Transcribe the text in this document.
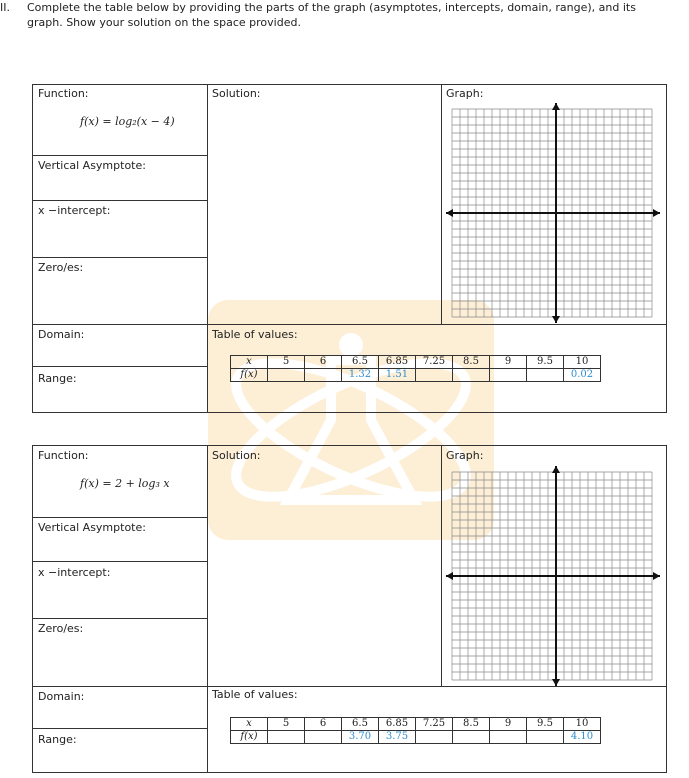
II. Complete the table below by providing the parts of the graph (asymptotes, intercepts, domain, range), and its graph. Show your solution on the space provided.
Function:
f(x) = log₂(x − 4)
Solution:	Graph:
Vertical Asymptote:
x −intercept:
Zero/es:
Domain:
Range:
Table of values:
x	5	6	6.5	6.85	7.25	8.5	9	9.5	10
f(x)			1.32	1.51					0.02
Function:
f(x) = 2 + log₃ x
Solution:	Graph:
Vertical Asymptote:
x −intercept:
Zero/es:
Domain:
Range:
Table of values:
x	5	6	6.5	6.85	7.25	8.5	9	9.5	10
f(x)			3.70	3.75					4.10
